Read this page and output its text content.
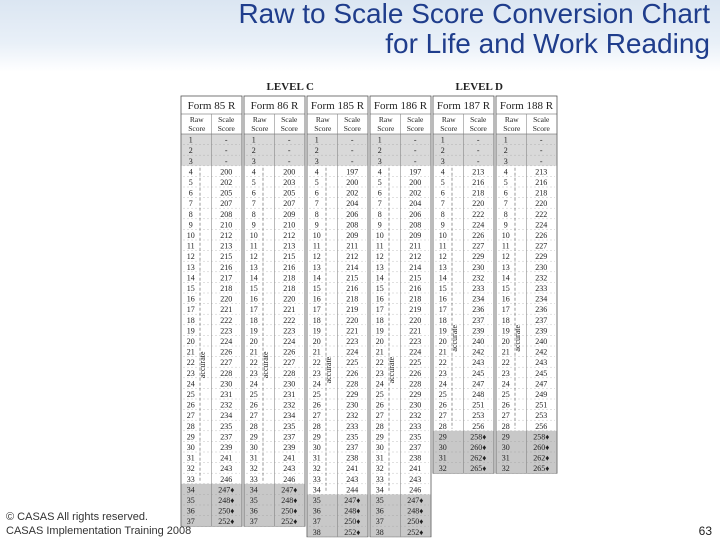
Raw to Scale Score Conversion Chart
for Life and Work Reading
LEVEL C	LEVEL D
Form 85 R
Raw
Score
Scale
Score
1	-
2	-
3	-
4	200
5	202
6	205
7	207
8	208
9	210
10	212
11	213
12	215
13	216
14	217
15	218
16	220
17	221
18	222
19	223
20	224
21	226
22	227
23	228
24	230
25	231
26	232
27	234
28	235
29	237
30	239
31	241
32	243
33	246
34	247♦
35	248♦
36	250♦
37	252♦
accurate
Form 86 R
Raw
Score
Scale
Score
1	-
2	-
3	-
4	200
5	203
6	205
7	207
8	209
9	210
10	212
11	213
12	215
13	216
14	218
15	218
16	220
17	221
18	222
19	223
20	224
21	226
22	227
23	228
24	230
25	231
26	232
27	234
28	235
29	237
30	239
31	241
32	243
33	246
34	247♦
35	248♦
36	250♦
37	252♦
accurate
Form 185 R
Raw
Score
Scale
Score
1	-
2	-
3	-
4	197
5	200
6	202
7	204
8	206
9	208
10	209
11	211
12	212
13	214
14	215
15	216
16	218
17	219
18	220
19	221
20	223
21	224
22	225
23	226
24	228
25	229
26	230
27	232
28	233
29	235
30	237
31	238
32	241
33	243
34	244
35	247♦
36	248♦
37	250♦
38	252♦
accurate
Form 186 R
Raw
Score
Scale
Score
1	-
2	-
3	-
4	197
5	200
6	202
7	204
8	206
9	208
10	209
11	211
12	212
13	214
14	215
15	216
16	218
17	219
18	220
19	221
20	223
21	224
22	225
23	226
24	228
25	229
26	230
27	232
28	233
29	235
30	237
31	238
32	241
33	243
34	246
35	247♦
36	248♦
37	250♦
38	252♦
accurate
Form 187 R
Raw
Score
Scale
Score
1	-
2	-
3	-
4	213
5	216
6	218
7	220
8	222
9	224
10	226
11	227
12	229
13	230
14	232
15	233
16	234
17	236
18	237
19	239
20	240
21	242
22	243
23	245
24	247
25	248
26	251
27	253
28	256
29	258♦
30	260♦
31	262♦
32	265♦
accurate
Form 188 R
Raw
Score
Scale
Score
1	-
2	-
3	-
4	213
5	216
6	218
7	220
8	222
9	224
10	226
11	227
12	229
13	230
14	232
15	233
16	234
17	236
18	237
19	239
20	240
21	242
22	243
23	245
24	247
25	249
26	251
27	253
28	256
29	258♦
30	260♦
31	262♦
32	265♦
accurate
© CASAS All rights reserved.
CASAS Implementation Training 2008	63
